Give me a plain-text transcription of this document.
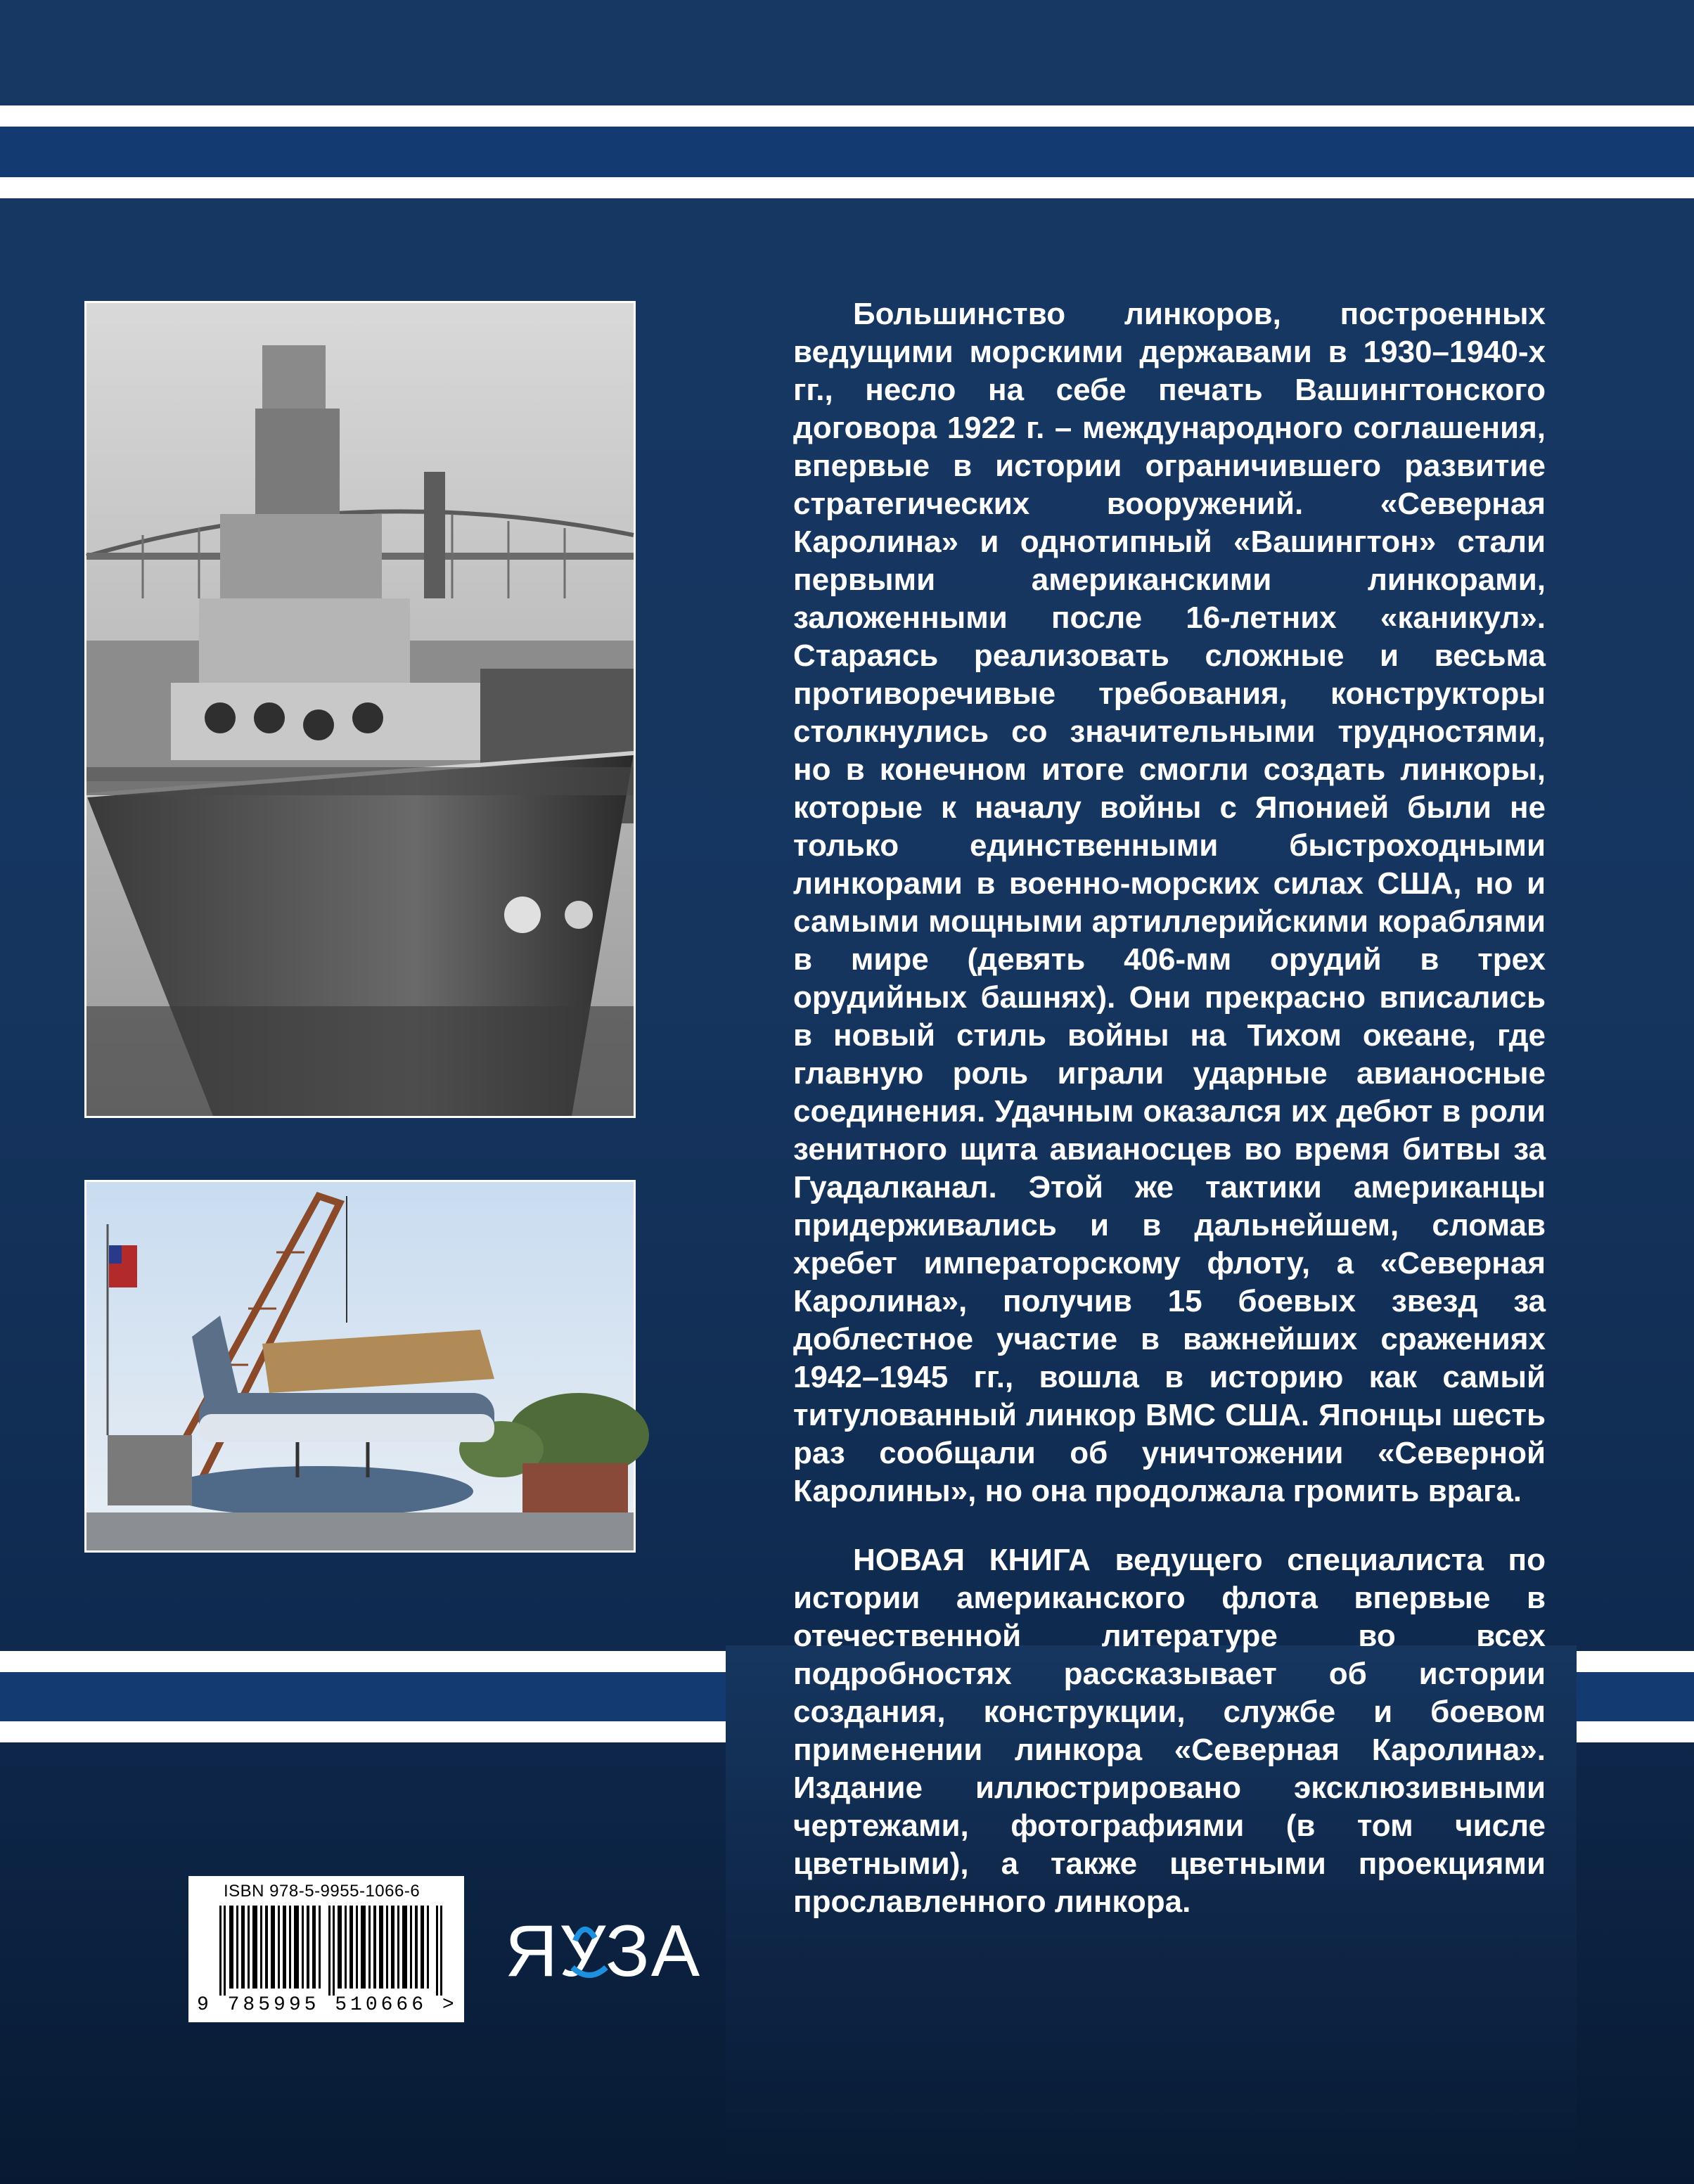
Большинство линкоров, построенных ведущими морскими державами в 1930–1940-х гг., несло на себе печать Вашингтонского договора 1922 г. – международного соглашения, впервые в истории ограничившего развитие стратегических вооружений. «Северная Каролина» и однотипный «Вашингтон» стали первыми американскими линкорами, заложенными после 16-летних «каникул». Стараясь реализовать сложные и весьма противоречивые требования, конструкторы столкнулись со значительными трудностями, но в конечном итоге смогли создать линкоры, которые к началу войны с Японией были не только единственными быстроходными линкорами в военно-морских силах США, но и самыми мощными артиллерийскими кораблями в мире (девять 406-мм орудий в трех орудийных башнях). Они прекрасно вписались в новый стиль войны на Тихом океане, где главную роль играли ударные авианосные соединения. Удачным оказался их дебют в роли зенитного щита авианосцев во время битвы за Гуадалканал. Этой же тактики американцы придерживались и в дальнейшем, сломав хребет императорскому флоту, а «Северная Каролина», получив 15 боевых звезд за доблестное участие в важнейших сражениях 1942–1945 гг., вошла в историю как самый титулованный линкор ВМС США. Японцы шесть раз сообщали об уничтожении «Северной Каролины», но она продолжала громить врага.

НОВАЯ КНИГА ведущего специалиста по истории американского флота впервые в отечественной литературе во всех подробностях рассказывает об истории создания, конструкции, службе и боевом применении линкора «Северная Каролина». Издание иллюстрировано эксклюзивными чертежами, фотографиями (в том числе цветными), а также цветными проекциями прославленного линкора.

ISBN 978-5-9955-1066-6
9 785995 510666 >
ЯУЗА
